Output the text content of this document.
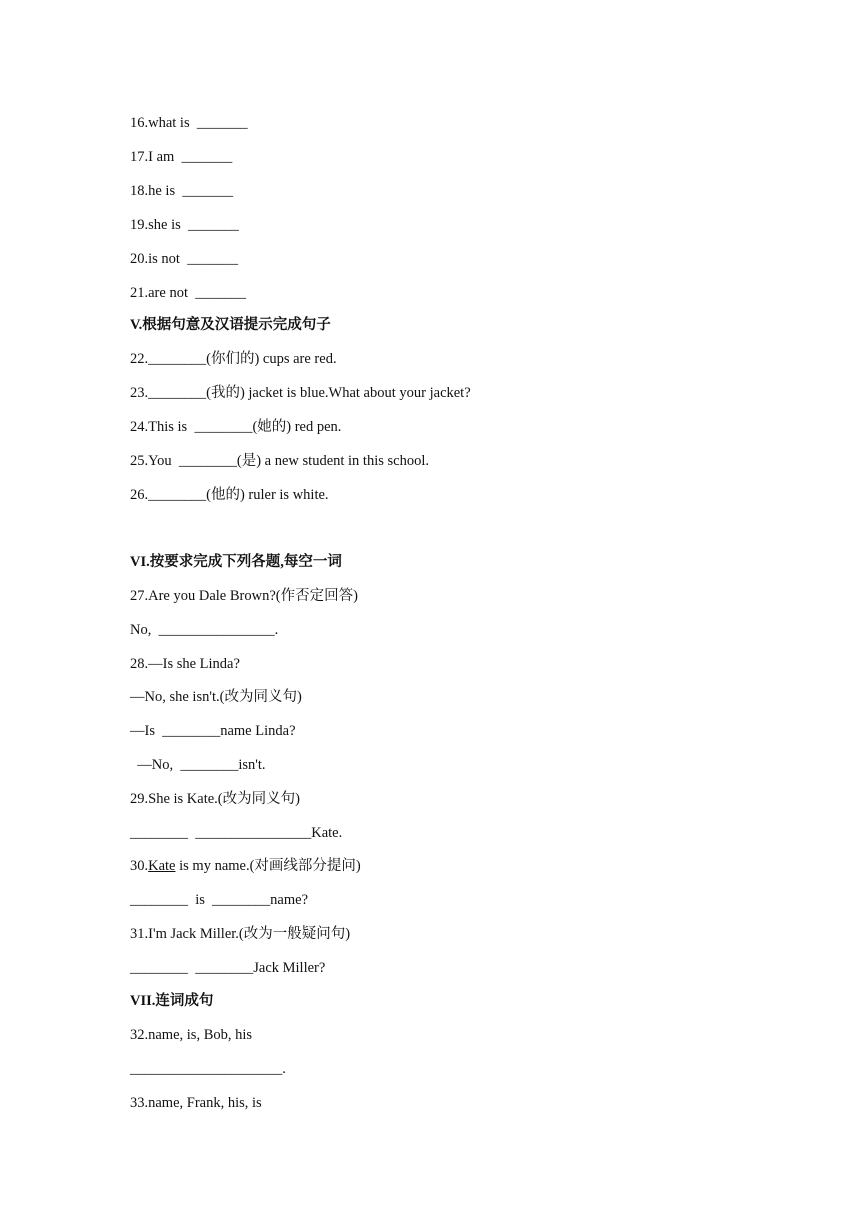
16.what is  _______
17.I am  _______
18.he is  _______
19.she is  _______
20.is not  _______
21.are not  _______
V.根据句意及汉语提示完成句子
22.________(你们的) cups are red.
23.________(我的) jacket is blue.What about your jacket?
24.This is  ________(她的) red pen.
25.You  ________(是) a new student in this school.
26.________(他的) ruler is white.
VI.按要求完成下列各题,每空一词
27.Are you Dale Brown?(作否定回答)
No,  ________________.
28.—Is she Linda?
—No, she isn't.(改为同义句)
—Is  ________name Linda?
—No,  ________isn't.
29.She is Kate.(改为同义句)
________  ________________Kate.
30.Kate is my name.(对画线部分提问)
________  is  ________name?
31.I'm Jack Miller.(改为一般疑问句)
________  ________Jack Miller?
VII.连词成句
32.name, is, Bob, his
_____________________.
33.name, Frank, his, is
